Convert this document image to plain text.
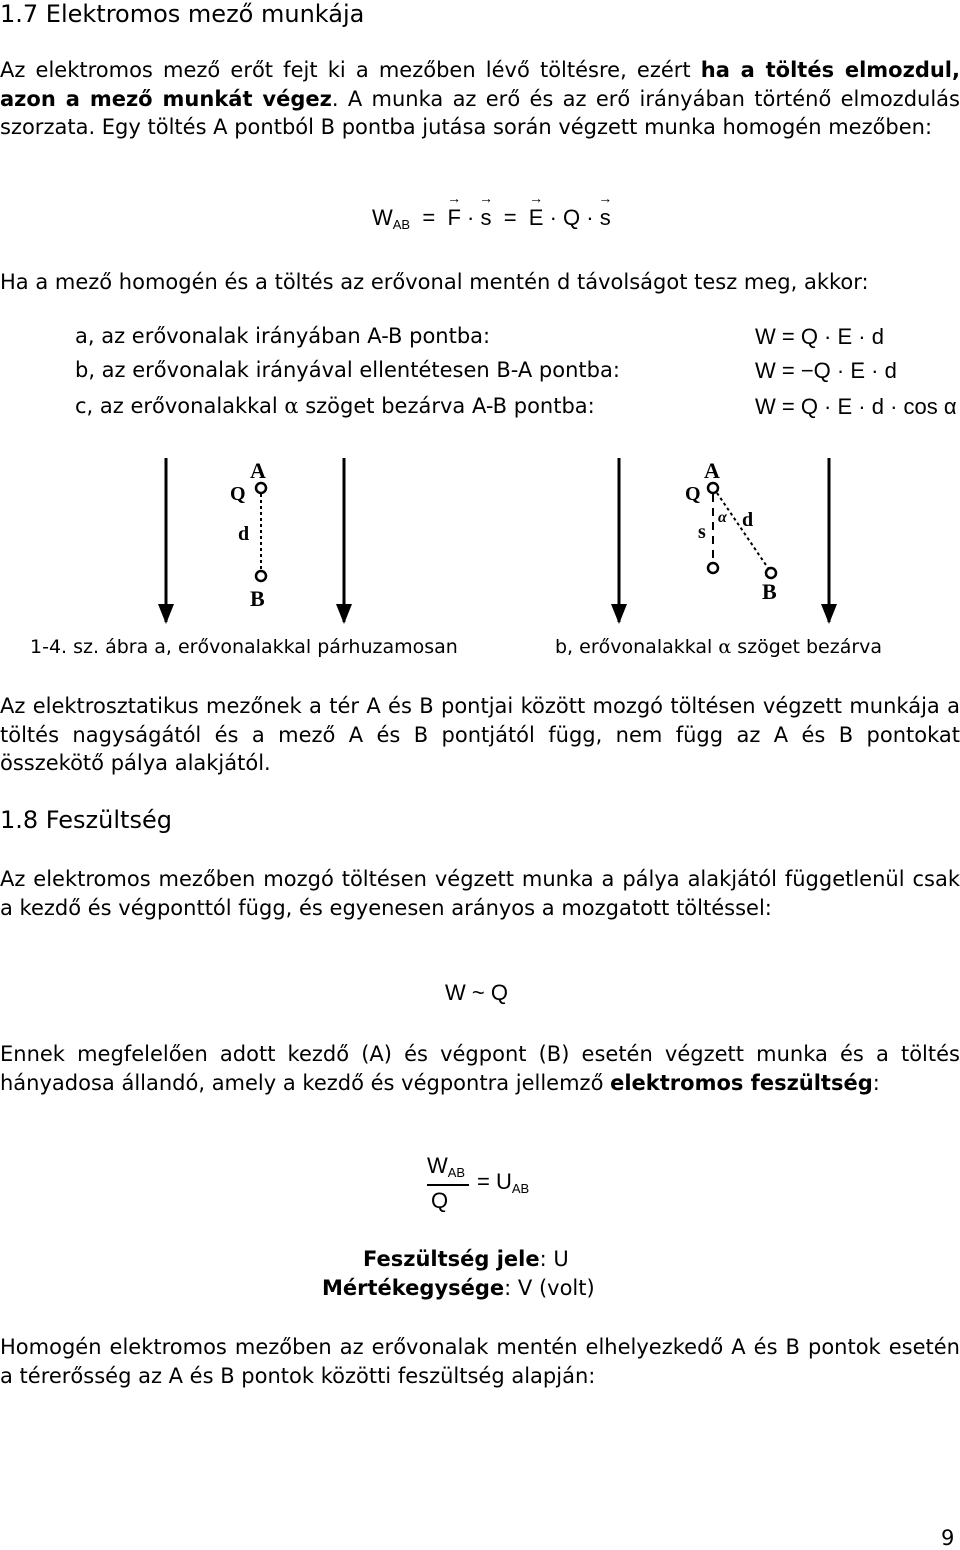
1.7 Elektromos mező munkája
Az elektromos mező erőt fejt ki a mezőben lévő töltésre, ezért ha a töltés elmozdul, azon a mező munkát végez. A munka az erő és az erő irányában történő elmozdulás szorzata. Egy töltés A pontból B pontba jutása során végzett munka homogén mezőben:
$W_{AB}$ = → F · → s = → E · Q · → s
Ha a mező homogén és a töltés az erővonal mentén d távolságot tesz meg, akkor:
a, az erővonalak irányában A-B pontba:	W = Q · E · d
b, az erővonalak irányával ellentétesen B-A pontba:	W = −Q · E · d
c, az erővonalakkal α szöget bezárva A-B pontba:	W = Q · E · d · cos α
A
Q
d
B
A
Q
s
α d
B
1-4. sz. ábra a, erővonalakkal párhuzamosan	b, erővonalakkal α szöget bezárva
Az elektrosztatikus mezőnek a tér A és B pontjai között mozgó töltésen végzett munkája a töltés nagyságától és a mező A és B pontjától függ, nem függ az A és B pontokat összekötő pálya alakjától.
1.8 Feszültség
Az elektromos mezőben mozgó töltésen végzett munka a pálya alakjától függetlenül csak a kezdő és végponttól függ, és egyenesen arányos a mozgatott töltéssel:
W ~ Q
Ennek megfelelően adott kezdő (A) és végpont (B) esetén végzett munka és a töltés hányadosa állandó, amely a kezdő és végpontra jellemző elektromos feszültség:
$W_{AB}$
Q
= $U_{AB}$
Feszültség jele: U
Mértékegysége: V (volt)
Homogén elektromos mezőben az erővonalak mentén elhelyezkedő A és B pontok esetén a térerősség az A és B pontok közötti feszültség alapján:
9
